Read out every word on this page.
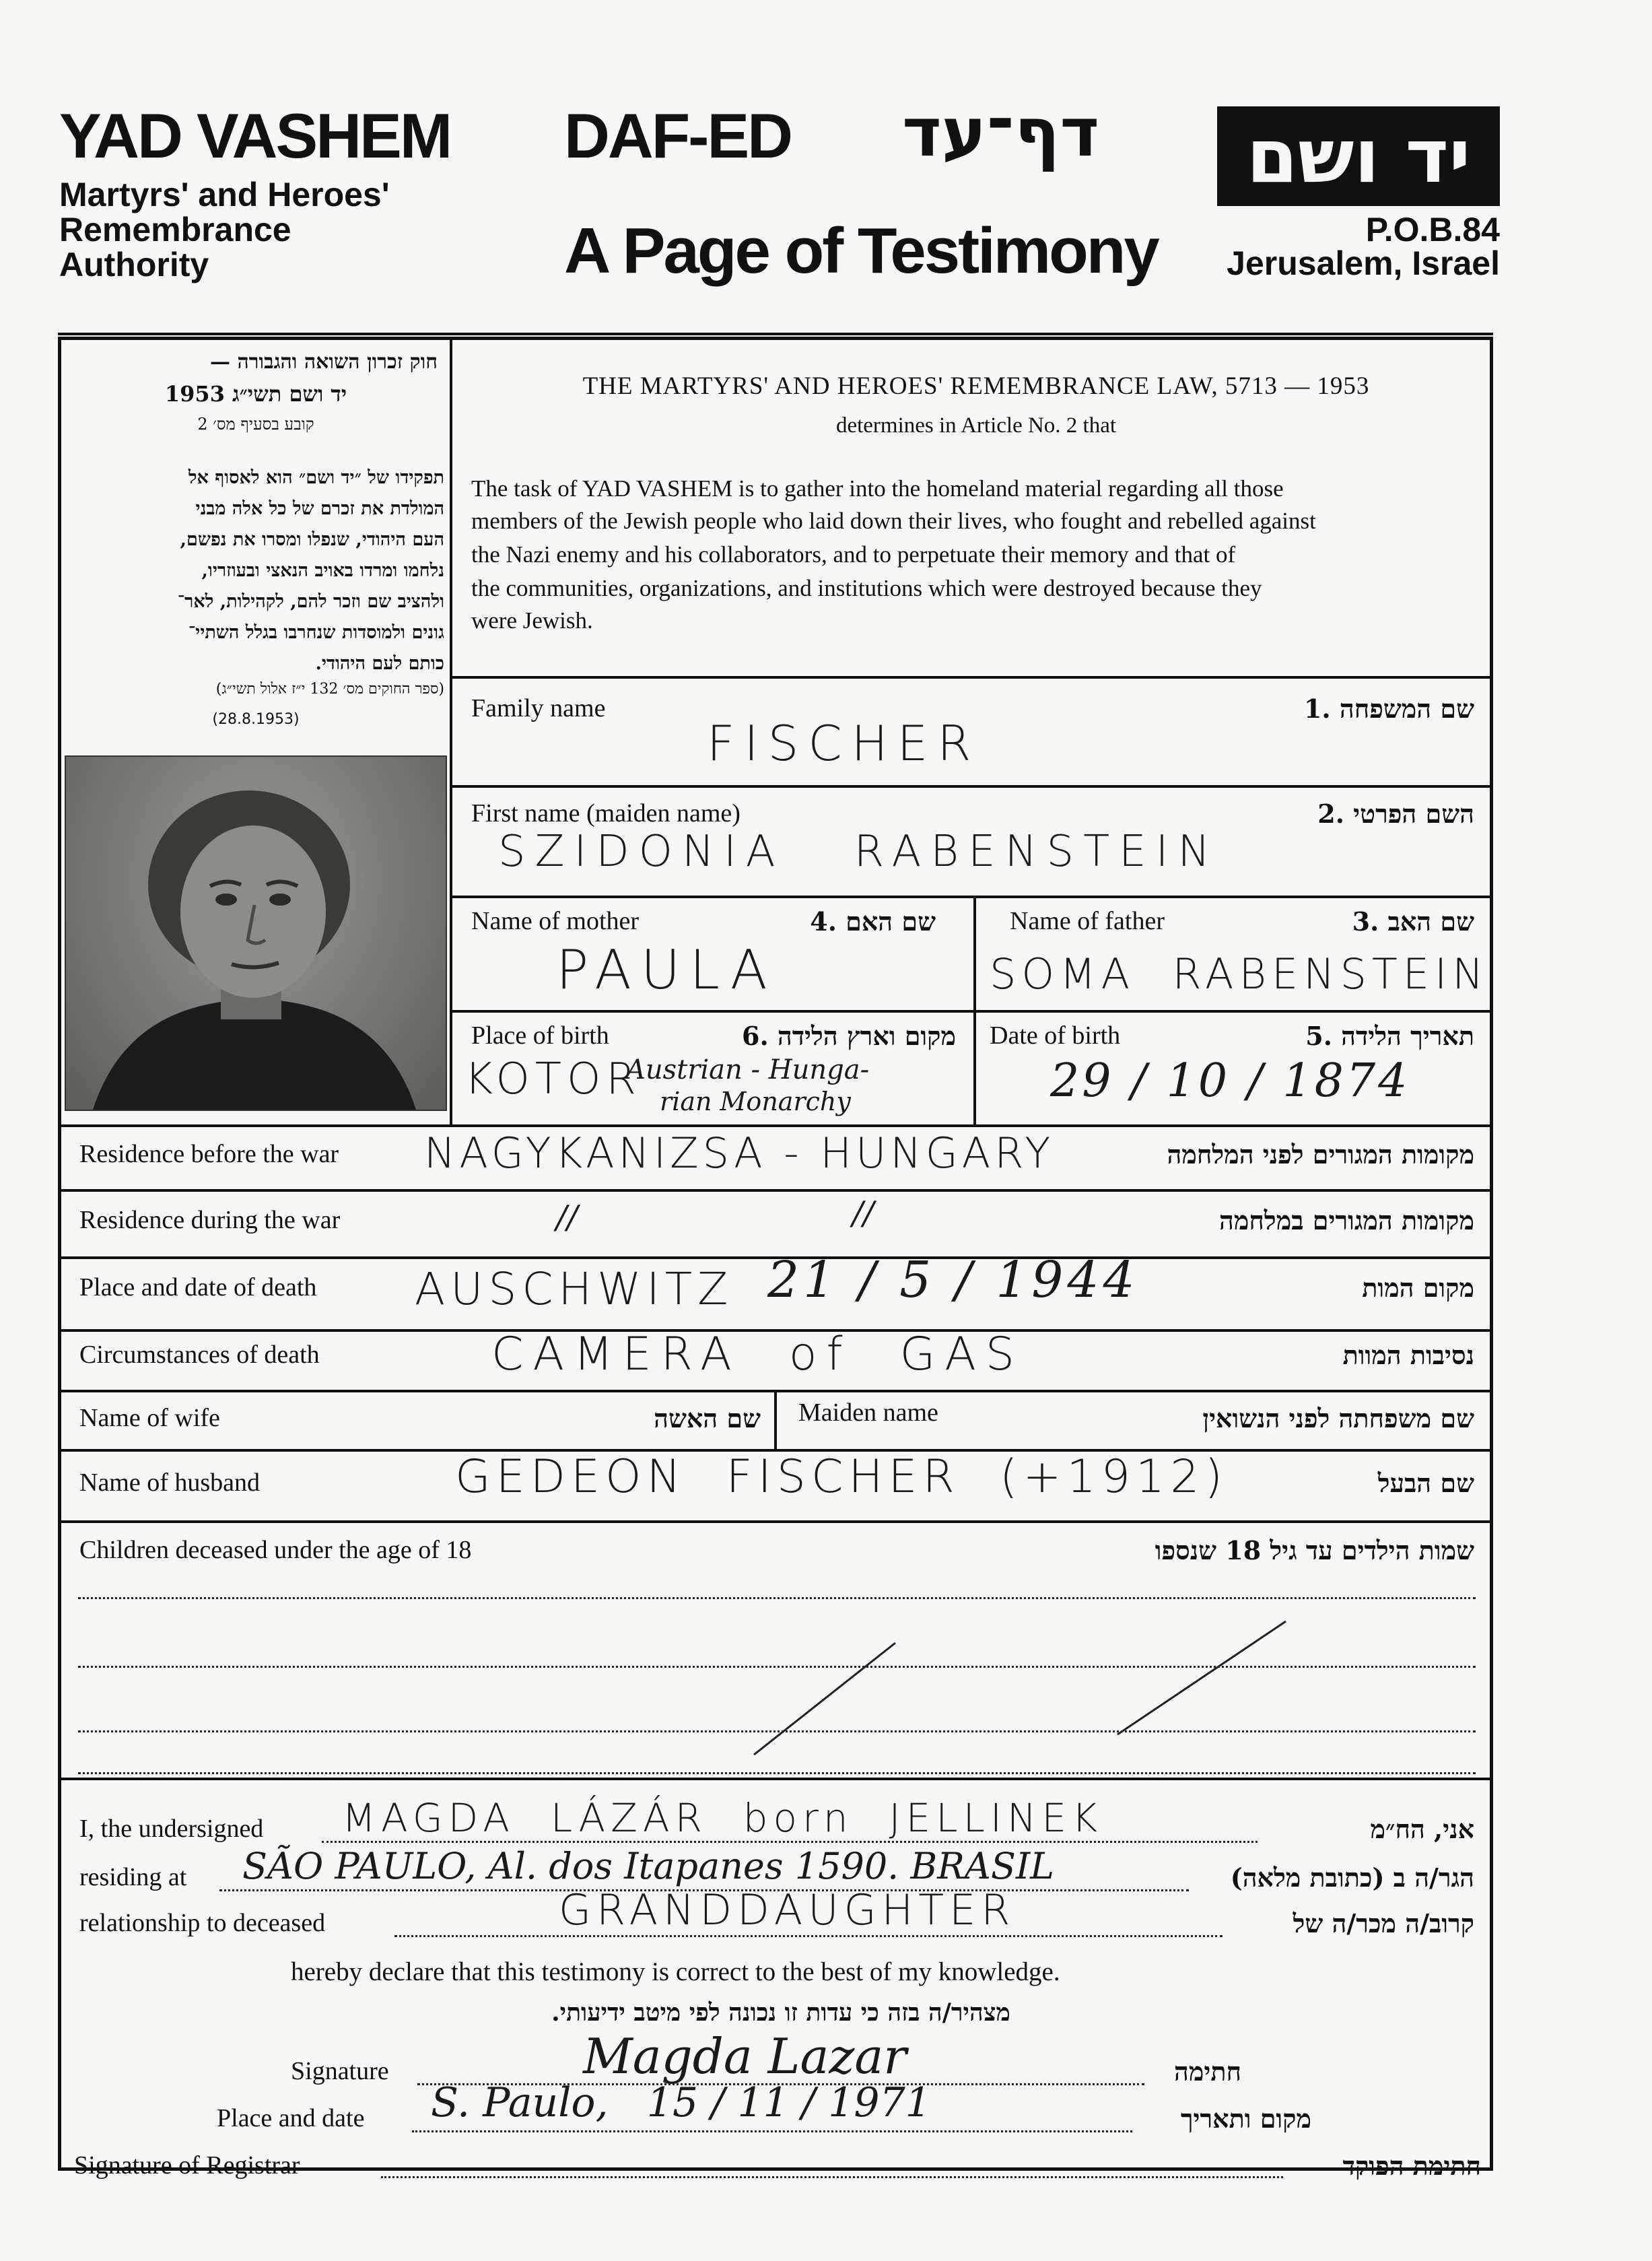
YAD VASHEM
Martyrs' and Heroes'
Remembrance
Authority
DAF-ED דף־עד
A Page of Testimony
יד ושם
P.O.B.84
Jerusalem, Israel
חוק זכרון השואה והגבורה —
יד ושם תשי״ג 1953
קובע בסעיף מס׳ 2
תפקידו של ״יד ושם״ הוא לאסוף אל
המולדת את זכרם של כל אלה מבני
העם היהודי, שנפלו ומסרו את נפשם,
נלחמו ומרדו באויב הנאצי ובעוזריו,
ולהציב שם וזכר להם, לקהילות, לאר־
גונים ולמוסדות שנחרבו בגלל השתיי־
כותם לעם היהודי.
(ספר החוקים מס׳ 132 י״ז אלול תשי״ג)
(28.8.1953)
THE MARTYRS' AND HEROES' REMEMBRANCE LAW, 5713 — 1953
determines in Article No. 2 that
The task of YAD VASHEM is to gather into the homeland material regarding all those
members of the Jewish people who laid down their lives, who fought and rebelled against
the Nazi enemy and his collaborators, and to perpetuate their memory and that of
the communities, organizations, and institutions which were destroyed because they
were Jewish.
Family name	שם המשפחה .1
FISCHER
First name (maiden name)	השם הפרטי .2
SZIDONIA   RABENSTEIN
Name of mother	שם האם .4
PAULA
Name of father	שם האב .3
SOMA  RABENSTEIN
Place of birth	מקום וארץ הלידה .6
KOTOR
Austrian - Hunga-
rian Monarchy
Date of birth	תאריך הלידה .5
29 / 10 / 1874
Residence before the war	מקומות המגורים לפני המלחמה
NAGYKANIZSA - HUNGARY
Residence during the war	מקומות המגורים במלחמה
//	//
Place and date of death	מקום המות
AUSCHWITZ 21 / 5 / 1944
Circumstances of death	נסיבות המוות
CAMERA  of  GAS
Name of wife	שם האשה Maiden name	שם משפחתה לפני הנשואין
Name of husband	שם הבעל
GEDEON  FISCHER  (+1912)
Children deceased under the age of 18	שמות הילדים עד גיל 18 שנספו
I, the undersigned MAGDA  LÁZÁR  born  JELLINEK	אני, הח״מ
residing at SÃO PAULO, Al. dos Itapanes 1590. BRASIL	הגר/ה ב (כתובת מלאה)
relationship to deceased	GRANDDAUGHTER	קרוב/ה מכר/ה של
hereby declare that this testimony is correct to the best of my knowledge.
מצהיר/ה בזה כי עדות זו נכונה לפי מיטב ידיעותי.
Signature	Magda Lazar	חתימה
Place and date S. Paulo,   15 / 11 / 1971	מקום ותאריך
Signature of Registrar	חתימת הפוקד
